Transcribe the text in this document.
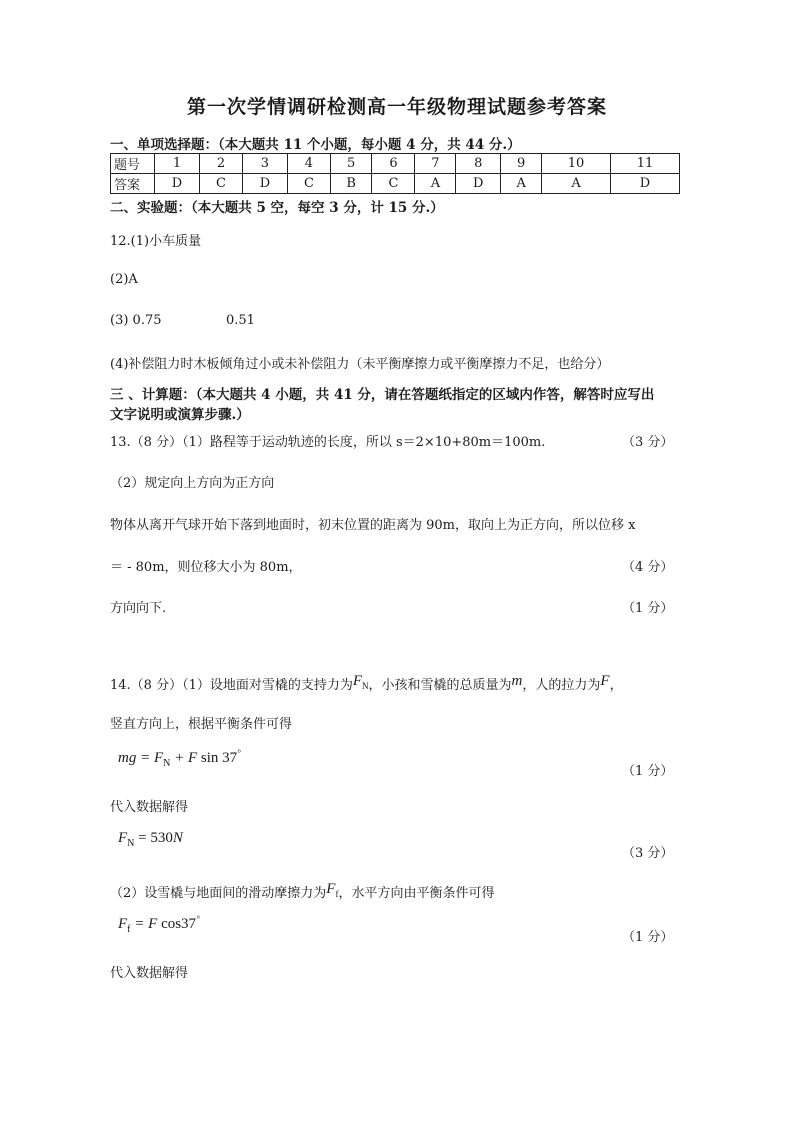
第一次学情调研检测高一年级物理试题参考答案
一、单项选择题：（本大题共 11 个小题，每小题 4 分，共 44 分.）
题号	1	2	3	4	5	6	7	8	9	10	11
答案	D	C	D	C	B	C	A	D	A	A	D
二、实验题：（本大题共 5 空，每空 3 分，计 15 分.）
12.(1)小车质量
(2)A
(3) 0.75	0.51
(4)补偿阻力时木板倾角过小或未补偿阻力（未平衡摩擦力或平衡摩擦力不足，也给分）
三 、计算题：（本大题共 4 小题，共 41 分，请在答题纸指定的区域内作答，解答时应写出
文字说明或演算步骤.）
13.（8 分）（1）路程等于运动轨迹的长度，所以 s＝2×10+80m＝100m.	（3 分）
（2）规定向上方向为正方向
物体从离开气球开始下落到地面时，初末位置的距离为 90m，取向上为正方向，所以位移 x
＝ - 80m，则位移大小为 80m，	（4 分）
方向向下.	（1 分）
14.（8 分）（1）设地面对雪橇的支持力为$F_N$，小孩和雪橇的总质量为m，人的拉力为F，
竖直方向上，根据平衡条件可得
mg = $F_N + F$ sin 37°
（1 分）
代入数据解得
$F_N = 530N$
（3 分）
（2）设雪橇与地面间的滑动摩擦力为$F_f$，水平方向由平衡条件可得
$F_f = F$ cos37°
（1 分）
代入数据解得
